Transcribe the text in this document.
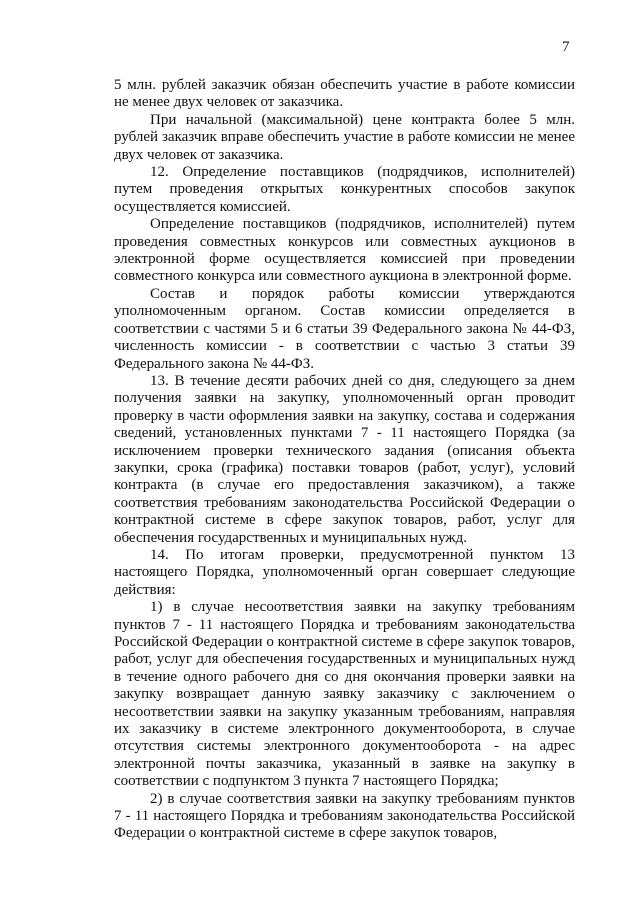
7

5 млн. рублей заказчик обязан обеспечить участие в работе комиссии не менее двух человек от заказчика.

При начальной (максимальной) цене контракта более 5 млн. рублей заказчик вправе обеспечить участие в работе комиссии не менее двух человек от заказчика.

12. Определение поставщиков (подрядчиков, исполнителей) путем проведения открытых конкурентных способов закупок осуществляется комиссией.

Определение поставщиков (подрядчиков, исполнителей) путем проведения совместных конкурсов или совместных аукционов в электронной форме осуществляется комиссией при проведении совместного конкурса или совместного аукциона в электронной форме.

Состав и порядок работы комиссии утверждаются уполномоченным органом. Состав комиссии определяется в соответствии с частями 5 и 6 статьи 39 Федерального закона № 44-ФЗ, численность комиссии - в соответствии с частью 3 статьи 39 Федерального закона № 44-ФЗ.

13. В течение десяти рабочих дней со дня, следующего за днем получения заявки на закупку, уполномоченный орган проводит проверку в части оформления заявки на закупку, состава и содержания сведений, установленных пунктами 7 - 11 настоящего Порядка (за исключением проверки технического задания (описания объекта закупки, срока (графика) поставки товаров (работ, услуг), условий контракта (в случае его предоставления заказчиком), а также соответствия требованиям законодательства Российской Федерации о контрактной системе в сфере закупок товаров, работ, услуг для обеспечения государственных и муниципальных нужд.

14. По итогам проверки, предусмотренной пунктом 13 настоящего Порядка, уполномоченный орган совершает следующие действия:

1) в случае несоответствия заявки на закупку требованиям пунктов 7 - 11 настоящего Порядка и требованиям законодательства Российской Федерации о контрактной системе в сфере закупок товаров, работ, услуг для обеспечения государственных и муниципальных нужд в течение одного рабочего дня со дня окончания проверки заявки на закупку возвращает данную заявку заказчику с заключением о несоответствии заявки на закупку указанным требованиям, направляя их заказчику в системе электронного документооборота, в случае отсутствия системы электронного документооборота - на адрес электронной почты заказчика, указанный в заявке на закупку в соответствии с подпунктом 3 пункта 7 настоящего Порядка;

2) в случае соответствия заявки на закупку требованиям пунктов 7 - 11 настоящего Порядка и требованиям законодательства Российской Федерации о контрактной системе в сфере закупок товаров,
